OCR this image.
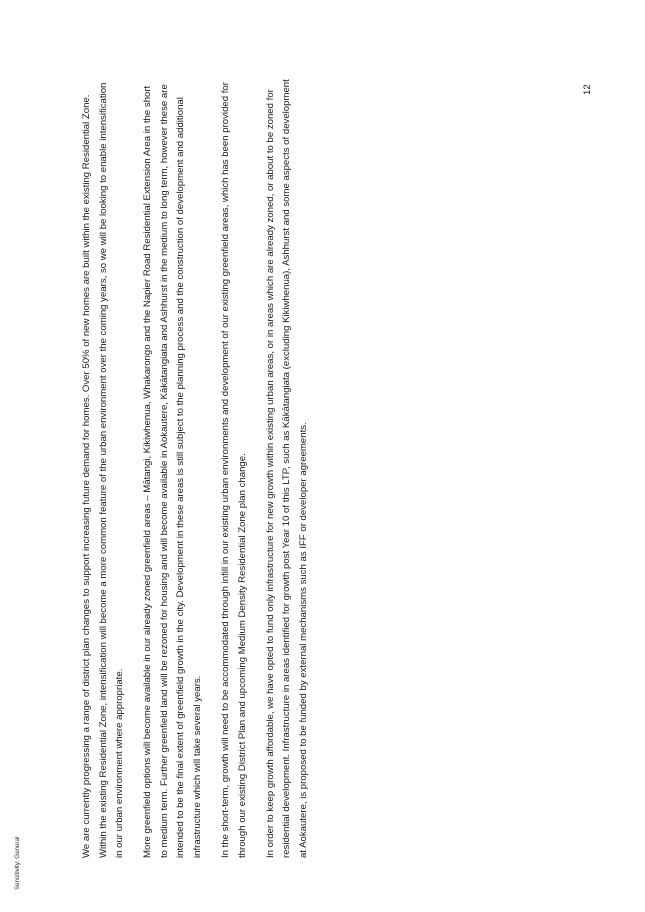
Sensitivity: General

We are currently progressing a range of district plan changes to support increasing future demand for homes. Over 50% of new homes are built within the existing Residential Zone. Within the existing Residential Zone, intensification will become a more common feature of the urban environment over the coming years, so we will be looking to enable intensification in our urban environment where appropriate.	More greenfield options will become available in our already zoned greenfield areas – Mātangi, Kikiwhenua, Whakarongo and the Napier Road Residential Extension Area in the short to medium term. Further greenfield land will be rezoned for housing and will become available in Aokautere, Kākātangiata and Ashhurst in the medium to long term, however these are intended to be the final extent of greenfield growth in the city. Development in these areas is still subject to the planning process and the construction of development and additional infrastructure which will take several years.	In the short-term, growth will need to be accommodated through infill in our existing urban environments and development of our existing greenfield areas, which has been provided for through our existing District Plan and upcoming Medium Density Residential Zone plan change.	In order to keep growth affordable, we have opted to fund only infrastructure for new growth within existing urban areas, or in areas which are already zoned, or about to be zoned for residential development. Infrastructure in areas identified for growth post Year 10 of this LTP, such as Kākātangiata (excluding Kikiwhenua), Ashhurst and some aspects of development at Aokautere, is proposed to be funded by external mechanisms such as IFF or developer agreements.

12
